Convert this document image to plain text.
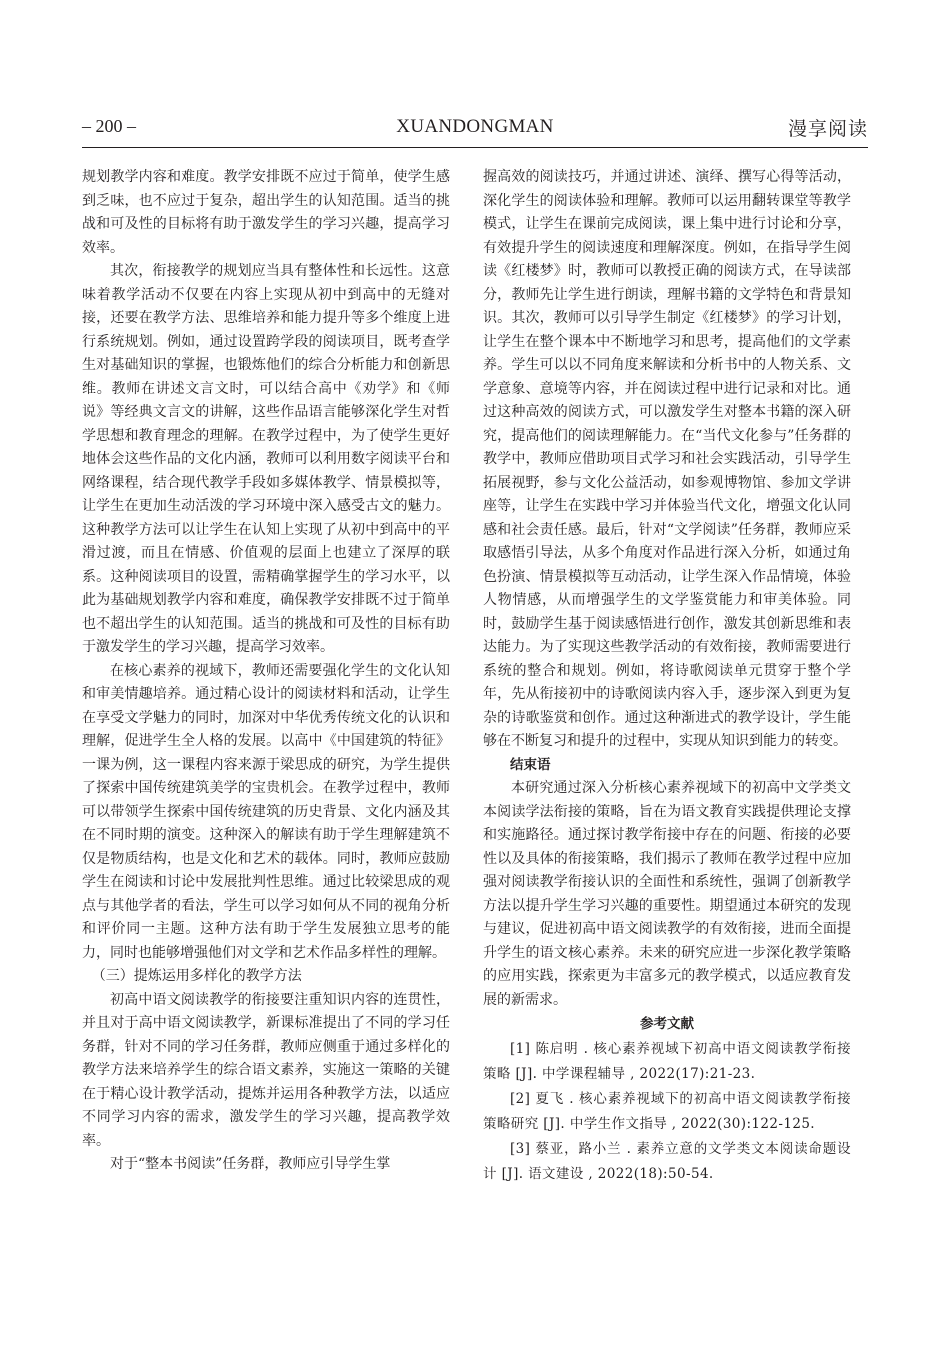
– 200 –	XUANDONGMAN	漫享阅读

规划教学内容和难度。教学安排既不应过于简单，使学生感到乏味，也不应过于复杂，超出学生的认知范围。适当的挑战和可及性的目标将有助于激发学生的学习兴趣，提高学习效率。

其次，衔接教学的规划应当具有整体性和长远性。这意味着教学活动不仅要在内容上实现从初中到高中的无缝对接，还要在教学方法、思维培养和能力提升等多个维度上进行系统规划。例如，通过设置跨学段的阅读项目，既考查学生对基础知识的掌握，也锻炼他们的综合分析能力和创新思维。教师在讲述文言文时，可以结合高中《劝学》和《师说》等经典文言文的讲解，这些作品语言能够深化学生对哲学思想和教育理念的理解。在教学过程中，为了使学生更好地体会这些作品的文化内涵，教师可以利用数字阅读平台和网络课程，结合现代教学手段如多媒体教学、情景模拟等，让学生在更加生动活泼的学习环境中深入感受古文的魅力。这种教学方法可以让学生在认知上实现了从初中到高中的平滑过渡，而且在情感、价值观的层面上也建立了深厚的联系。这种阅读项目的设置，需精确掌握学生的学习水平，以此为基础规划教学内容和难度，确保教学安排既不过于简单也不超出学生的认知范围。适当的挑战和可及性的目标有助于激发学生的学习兴趣，提高学习效率。

在核心素养的视域下，教师还需要强化学生的文化认知和审美情趣培养。通过精心设计的阅读材料和活动，让学生在享受文学魅力的同时，加深对中华优秀传统文化的认识和理解，促进学生全人格的发展。以高中《中国建筑的特征》一课为例，这一课程内容来源于梁思成的研究，为学生提供了探索中国传统建筑美学的宝贵机会。在教学过程中，教师可以带领学生探索中国传统建筑的历史背景、文化内涵及其在不同时期的演变。这种深入的解读有助于学生理解建筑不仅是物质结构，也是文化和艺术的载体。同时，教师应鼓励学生在阅读和讨论中发展批判性思维。通过比较梁思成的观点与其他学者的看法，学生可以学习如何从不同的视角分析和评价同一主题。这种方法有助于学生发展独立思考的能力，同时也能够增强他们对文学和艺术作品多样性的理解。

（三）提炼运用多样化的教学方法

初高中语文阅读教学的衔接要注重知识内容的连贯性，并且对于高中语文阅读教学，新课标准提出了不同的学习任务群，针对不同的学习任务群，教师应侧重于通过多样化的教学方法来培养学生的综合语文素养，实施这一策略的关键在于精心设计教学活动，提炼并运用各种教学方法，以适应不同学习内容的需求，激发学生的学习兴趣，提高教学效率。

对于“整本书阅读”任务群，教师应引导学生掌

握高效的阅读技巧，并通过讲述、演绎、撰写心得等活动，深化学生的阅读体验和理解。教师可以运用翻转课堂等教学模式，让学生在课前完成阅读，课上集中进行讨论和分享，有效提升学生的阅读速度和理解深度。例如，在指导学生阅读《红楼梦》时，教师可以教授正确的阅读方式，在导读部分，教师先让学生进行朗读，理解书籍的文学特色和背景知识。其次，教师可以引导学生制定《红楼梦》的学习计划，让学生在整个课本中不断地学习和思考，提高他们的文学素养。学生可以以不同角度来解读和分析书中的人物关系、文学意象、意境等内容，并在阅读过程中进行记录和对比。通过这种高效的阅读方式，可以激发学生对整本书籍的深入研究，提高他们的阅读理解能力。在“当代文化参与”任务群的教学中，教师应借助项目式学习和社会实践活动，引导学生拓展视野，参与文化公益活动，如参观博物馆、参加文学讲座等，让学生在实践中学习并体验当代文化，增强文化认同感和社会责任感。最后，针对“文学阅读”任务群，教师应采取感悟引导法，从多个角度对作品进行深入分析，如通过角色扮演、情景模拟等互动活动，让学生深入作品情境，体验人物情感，从而增强学生的文学鉴赏能力和审美体验。同时，鼓励学生基于阅读感悟进行创作，激发其创新思维和表达能力。为了实现这些教学活动的有效衔接，教师需要进行系统的整合和规划。例如，将诗歌阅读单元贯穿于整个学年，先从衔接初中的诗歌阅读内容入手，逐步深入到更为复杂的诗歌鉴赏和创作。通过这种渐进式的教学设计，学生能够在不断复习和提升的过程中，实现从知识到能力的转变。

结束语

本研究通过深入分析核心素养视域下的初高中文学类文本阅读学法衔接的策略，旨在为语文教育实践提供理论支撑和实施路径。通过探讨教学衔接中存在的问题、衔接的必要性以及具体的衔接策略，我们揭示了教师在教学过程中应加强对阅读教学衔接认识的全面性和系统性，强调了创新教学方法以提升学生学习兴趣的重要性。期望通过本研究的发现与建议，促进初高中语文阅读教学的有效衔接，进而全面提升学生的语文核心素养。未来的研究应进一步深化教学策略的应用实践，探索更为丰富多元的教学模式，以适应教育发展的新需求。

参考文献

[1] 陈启明 . 核心素养视域下初高中语文阅读教学衔接策略 [J]. 中学课程辅导 , 2022(17):21-23.

[2] 夏飞 . 核心素养视域下的初高中语文阅读教学衔接策略研究 [J]. 中学生作文指导 , 2022(30):122-125.

[3] 蔡亚，路小兰 . 素养立意的文学类文本阅读命题设计 [J]. 语文建设 , 2022(18):50-54.
